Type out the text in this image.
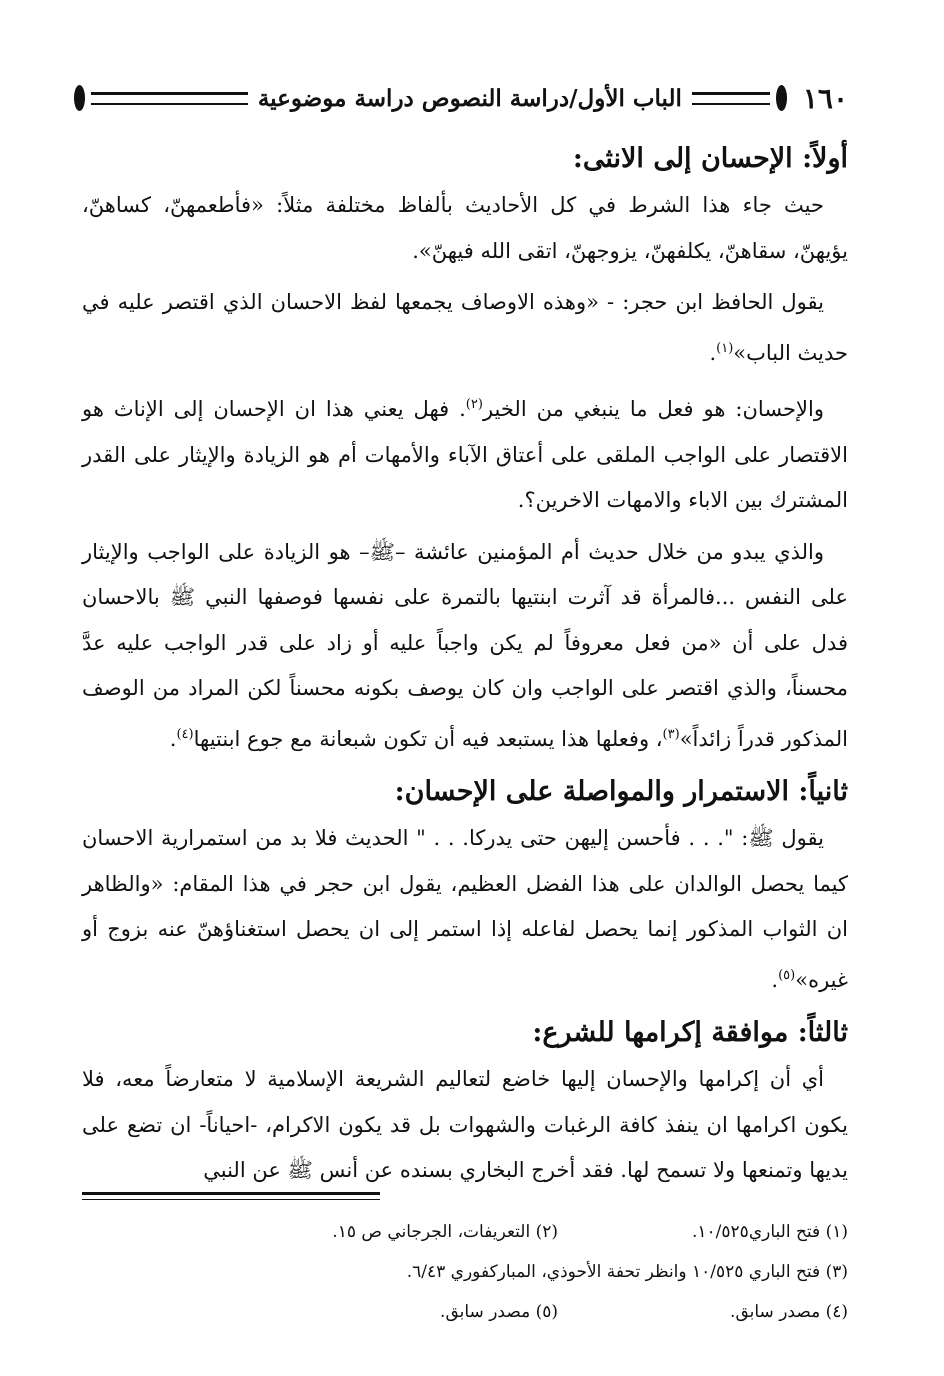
١٦٠
الباب الأول/دراسة النصوص دراسة موضوعية
أولاً: الإحسان إلى الانثى:

حيث جاء هذا الشرط في كل الأحاديث بألفاظ مختلفة مثلاً: «فأطعمهنّ، كساهنّ، يؤيهنّ، سقاهنّ، يكلفهنّ، يزوجهنّ، اتقى الله فيهنّ».

يقول الحافظ ابن حجر: - «وهذه الاوصاف يجمعها لفظ الاحسان الذي اقتصر عليه في حديث الباب»$^{(١)}$.

والإحسان: هو فعل ما ينبغي من الخير$^{(٢)}$. فهل يعني هذا ان الإحسان إلى الإناث هو الاقتصار على الواجب الملقى على أعتاق الآباء والأمهات أم هو الزيادة والإيثار على القدر المشترك بين الاباء والامهات الاخرين؟.

والذي يبدو من خلال حديث أم المؤمنين عائشة –ﷺ– هو الزيادة على الواجب والإيثار على النفس ...فالمرأة قد آثرت ابنتيها بالتمرة على نفسها فوصفها النبي ﷺ بالاحسان فدل على أن «من فعل معروفاً لم يكن واجباً عليه أو زاد على قدر الواجب عليه عدَّ محسناً، والذي اقتصر على الواجب وان كان يوصف بكونه محسناً لكن المراد من الوصف المذكور قدراً زائداً»$^{(٣)}$، وفعلها هذا يستبعد فيه أن تكون شبعانة مع جوع ابنتيها$^{(٤)}$.

ثانياً: الاستمرار والمواصلة على الإحسان:

يقول ﷺ: ". . . فأحسن إليهن حتى يدركا. . . " الحديث فلا بد من استمرارية الاحسان كيما يحصل الوالدان على هذا الفضل العظيم، يقول ابن حجر في هذا المقام: «والظاهر ان الثواب المذكور إنما يحصل لفاعله إذا استمر إلى ان يحصل استغناؤهنّ عنه بزوج أو غيره»$^{(٥)}$.

ثالثاً: موافقة إكرامها للشرع:

أي أن إكرامها والإحسان إليها خاضع لتعاليم الشريعة الإسلامية لا متعارضاً معه، فلا يكون اكرامها ان ينفذ كافة الرغبات والشهوات بل قد يكون الاكرام، -احياناً- ان تضع على يديها وتمنعها ولا تسمح لها. فقد أخرج البخاري بسنده عن أنس ﷺ عن النبي

(١) فتح الباري١٠/٥٢٥.
(٢) التعريفات، الجرجاني ص ١٥.
(٣) فتح الباري ١٠/٥٢٥ وانظر تحفة الأحوذي، المباركفوري ٦/٤٣.
(٤) مصدر سابق.
(٥) مصدر سابق.
